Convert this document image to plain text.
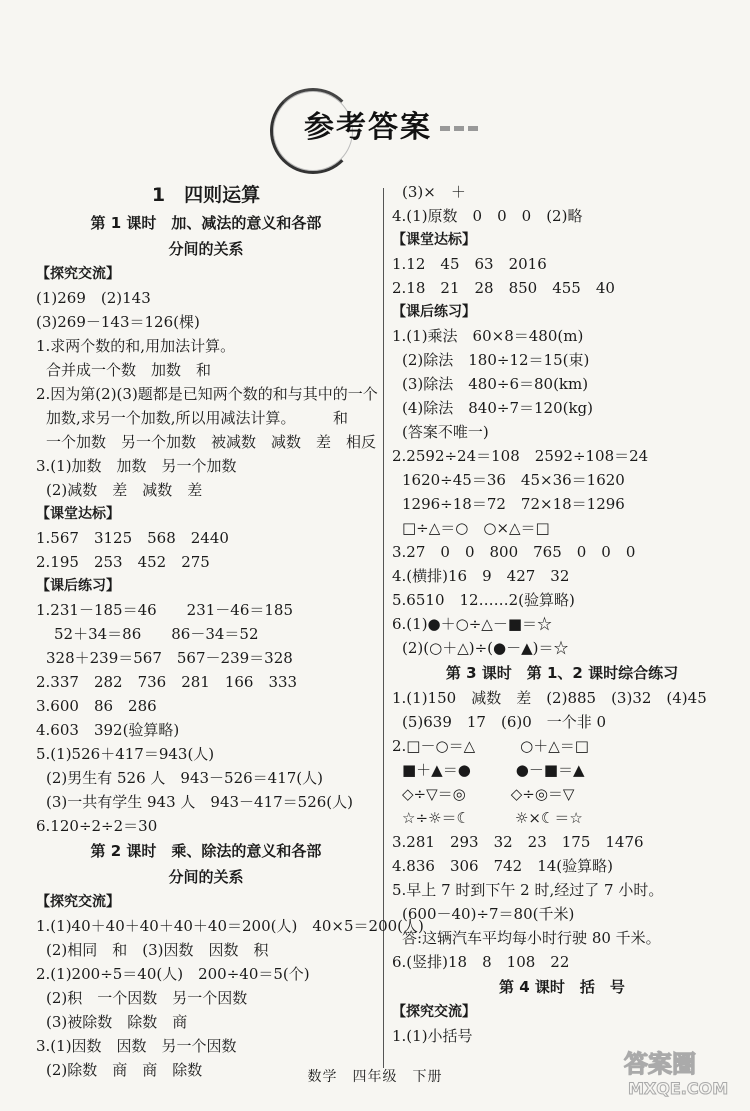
参考答案
1　四则运算
第 1 课时　加、减法的意义和各部
分间的关系
【探究交流】
(1)269　(2)143
(3)269－143＝126(棵)
1.求两个数的和,用加法计算。
合并成一个数　加数　和
2.因为第(2)(3)题都是已知两个数的和与其中的一个
加数,求另一个加数,所以用减法计算。　　　和
一个加数　另一个加数　被减数　减数　差　相反
3.(1)加数　加数　另一个加数
(2)减数　差　减数　差
【课堂达标】
1.567　3125　568　2440
2.195　253　452　275
【课后练习】
1.231－185＝46　　231－46＝185
52＋34＝86　　86－34＝52
328＋239＝567　567－239＝328
2.337　282　736　281　166　333
3.600　86　286
4.603　392(验算略)
5.(1)526＋417＝943(人)
(2)男生有 526 人　943－526＝417(人)
(3)一共有学生 943 人　943－417＝526(人)
6.120÷2÷2＝30
第 2 课时　乘、除法的意义和各部
分间的关系
【探究交流】
1.(1)40＋40＋40＋40＋40＝200(人)　40×5＝200(人)
(2)相同　和　(3)因数　因数　积
2.(1)200÷5＝40(人)　200÷40＝5(个)
(2)积　一个因数　另一个因数
(3)被除数　除数　商
3.(1)因数　因数　另一个因数
(2)除数　商　商　除数
(3)×　＋
4.(1)原数　0　0　0　(2)略
【课堂达标】
1.12　45　63　2016
2.18　21　28　850　455　40
【课后练习】
1.(1)乘法　60×8＝480(m)
(2)除法　180÷12＝15(束)
(3)除法　480÷6＝80(km)
(4)除法　840÷7＝120(kg)
(答案不唯一)
2.2592÷24＝108　2592÷108＝24
1620÷45＝36　45×36＝1620
1296÷18＝72　72×18＝1296
□÷△＝○　○×△＝□
3.27　0　0　800　765　0　0　0
4.(横排)16　9　427　32
5.6510　12……2(验算略)
6.(1)●＋○÷△－■＝☆
(2)(○＋△)÷(●－▲)＝☆
第 3 课时　第 1、2 课时综合练习
1.(1)150　减数　差　(2)885　(3)32　(4)45
(5)639　17　(6)0　一个非 0
2.□－○＝△　　　○＋△＝□
■＋▲＝●　　　●－■＝▲
◇÷▽＝◎　　　◇÷◎＝▽
☆÷☼＝☾　　　☼×☾＝☆
3.281　293　32　23　175　1476
4.836　306　742　14(验算略)
5.早上 7 时到下午 2 时,经过了 7 小时。
(600－40)÷7＝80(千米)
答:这辆汽车平均每小时行驶 80 千米。
6.(竖排)18　8　108　22
第 4 课时　括　号
【探究交流】
1.(1)小括号
数学　四年级　下册	答案圈
MXQE.COM
